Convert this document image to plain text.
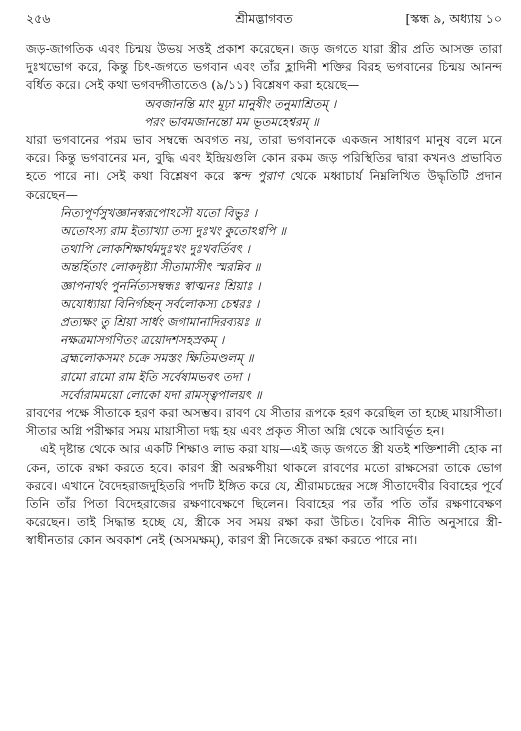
২৫৬	শ্রীমদ্ভাগবত	[স্কন্ধ ৯, অধ্যায় ১০

জড়-জাগতিক এবং চিন্ময় উভয় সত্তই প্রকাশ করেছেন। জড় জগতে যারা স্ত্রীর প্রতি আসক্ত তারা দুঃখভোগ করে, কিন্তু চিৎ-জগতে ভগবান এবং তাঁর হ্লাদিনী শক্তির বিরহ ভগবানের চিন্ময় আনন্দ বর্ধিত করে। সেই কথা ভগবদ্গীতাতেও (৯/১১) বিশ্লেষণ করা হয়েছে—

অবজানন্তি মাং মূঢ়া মানুষীং তনুমাশ্রিতম্ ।
পরং ভাবমজানন্তো মম ভূতমহেশ্বরম্ ॥

যারা ভগবানের পরম ভাব সম্বন্ধে অবগত নয়, তারা ভগবানকে একজন সাধারণ মানুষ বলে মনে করে। কিন্তু ভগবানের মন, বুদ্ধি এবং ইন্দ্রিয়গুলি কোন রকম জড় পরিস্থিতির দ্বারা কখনও প্রভাবিত হতে পারে না। সেই কথা বিশ্লেষণ করে স্কন্দ পুরাণ থেকে মধ্বাচার্য নিম্নলিখিত উদ্ধৃতিটি প্রদান করেছেন—

নিত্যপূর্ণসুখজ্ঞানস্বরূপোঽসৌ যতো বিভুঃ ।
অতোঽস্য রাম ইত্যাখ্যা তস্য দুঃখং কুতোঽণ্বপি ॥
তথাপি লোকশিক্ষার্থমদুঃখং দুঃখবর্তিবৎ ।
অন্তর্হিতাং লোকদৃষ্ট্যা সীতামাসীৎ স্মরন্নিব ॥
জ্ঞাপনার্থং পুনর্নিত্যসম্বন্ধঃ স্বাত্মনঃ শ্রিয়াঃ ।
অযোধ্যায়া বিনির্গচ্ছন্ সর্বলোকস্য চেশ্বরঃ ।
প্রত্যক্ষং তু শ্রিয়া সার্ধং জগামানাদিরব্যয়ঃ ॥
নক্ষত্রমাসগণিতং ত্রয়োদশসহস্রকম্ ।
ব্রহ্মলোকসমং চক্রে সমস্তং ক্ষিতিমণ্ডলম্ ॥
রামো রামো রাম ইতি সর্বেষামভবৎ তদা ।
সর্বোরামময়ো লোকো যদা রামস্ত্বপালয়ৎ ॥

রাবণের পক্ষে সীতাকে হরণ করা অসম্ভব। রাবণ যে সীতার রূপকে হরণ করেছিল তা হচ্ছে মায়াসীতা। সীতার অগ্নি পরীক্ষার সময় মায়াসীতা দগ্ধ হয় এবং প্রকৃত সীতা অগ্নি থেকে আবির্ভূত হন।

এই দৃষ্টান্ত থেকে আর একটি শিক্ষাও লাভ করা যায়—এই জড় জগতে স্ত্রী যতই শক্তিশালী হোক না কেন, তাকে রক্ষা করতে হবে। কারণ স্ত্রী অরক্ষণীয়া থাকলে রাবণের মতো রাক্ষসেরা তাকে ভোগ করবে। এখানে বৈদেহরাজদুহিতরি পদটি ইঙ্গিত করে যে, শ্রীরামচন্দ্রের সঙ্গে সীতাদেবীর বিবাহের পূর্বে তিনি তাঁর পিতা বিদেহরাজের রক্ষণাবেক্ষণে ছিলেন। বিবাহের পর তাঁর পতি তাঁর রক্ষণাবেক্ষণ করেছেন। তাই সিদ্ধান্ত হচ্ছে যে, স্ত্রীকে সব সময় রক্ষা করা উচিত। বৈদিক নীতি অনুসারে স্ত্রী-স্বাধীনতার কোন অবকাশ নেই (অসমক্ষম্), কারণ স্ত্রী নিজেকে রক্ষা করতে পারে না।
